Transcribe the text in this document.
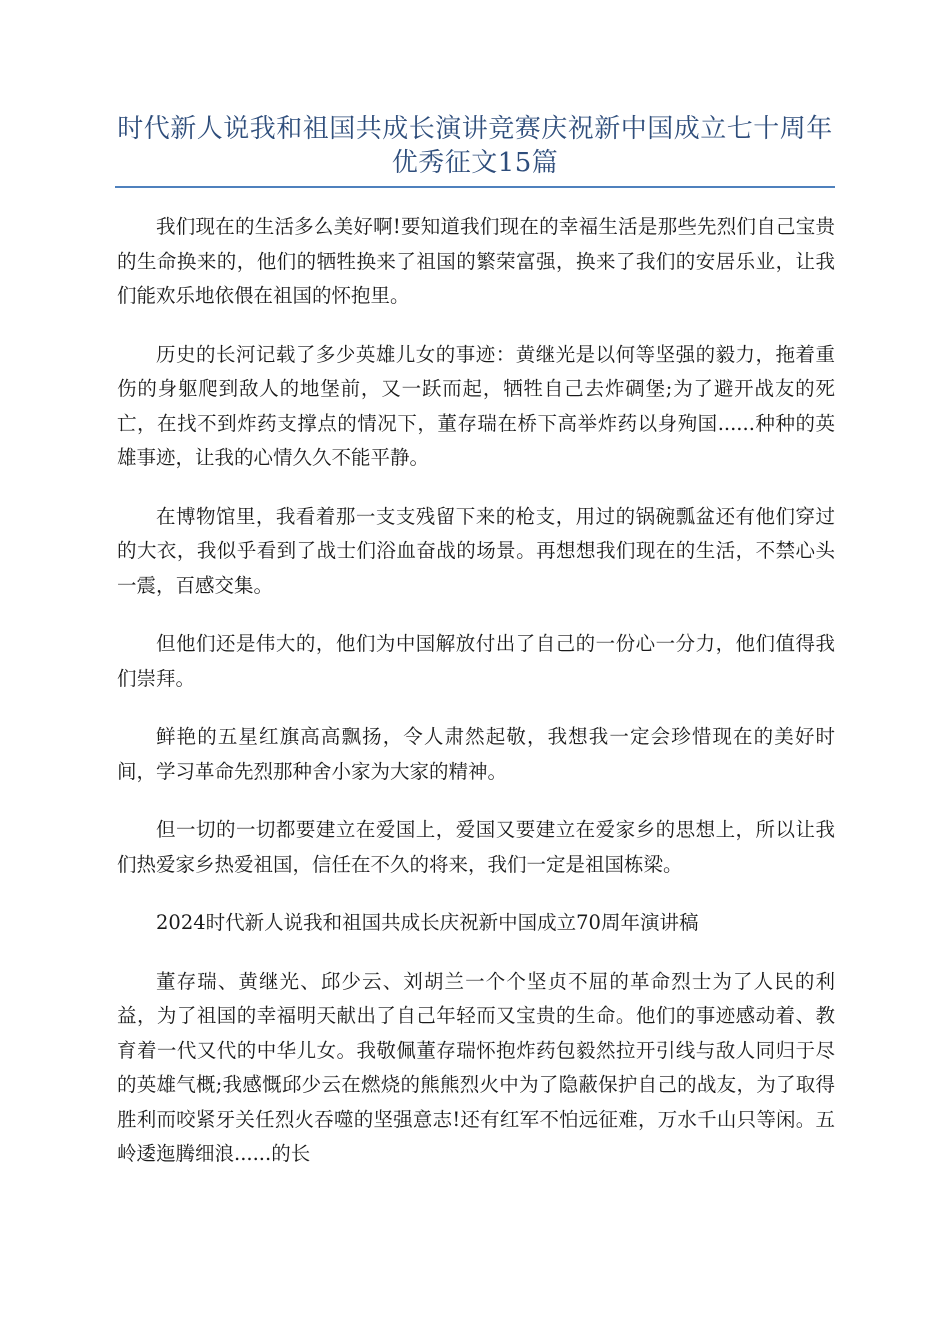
时代新人说我和祖国共成长演讲竞赛庆祝新中国成立七十周年优秀征文15篇

我们现在的生活多么美好啊!要知道我们现在的幸福生活是那些先烈们自己宝贵的生命换来的，他们的牺牲换来了祖国的繁荣富强，换来了我们的安居乐业，让我们能欢乐地依偎在祖国的怀抱里。

历史的长河记载了多少英雄儿女的事迹：黄继光是以何等坚强的毅力，拖着重伤的身躯爬到敌人的地堡前，又一跃而起，牺牲自己去炸碉堡;为了避开战友的死亡，在找不到炸药支撑点的情况下，董存瑞在桥下高举炸药以身殉国......种种的英雄事迹，让我的心情久久不能平静。

在博物馆里，我看着那一支支残留下来的枪支，用过的锅碗瓢盆还有他们穿过的大衣，我似乎看到了战士们浴血奋战的场景。再想想我们现在的生活，不禁心头一震，百感交集。

但他们还是伟大的，他们为中国解放付出了自己的一份心一分力，他们值得我们崇拜。

鲜艳的五星红旗高高飘扬，令人肃然起敬，我想我一定会珍惜现在的美好时间，学习革命先烈那种舍小家为大家的精神。

但一切的一切都要建立在爱国上，爱国又要建立在爱家乡的思想上，所以让我们热爱家乡热爱祖国，信任在不久的将来，我们一定是祖国栋梁。

2024时代新人说我和祖国共成长庆祝新中国成立70周年演讲稿

董存瑞、黄继光、邱少云、刘胡兰一个个坚贞不屈的革命烈士为了人民的利益，为了祖国的幸福明天献出了自己年轻而又宝贵的生命。他们的事迹感动着、教育着一代又代的中华儿女。我敬佩董存瑞怀抱炸药包毅然拉开引线与敌人同归于尽的英雄气概;我感慨邱少云在燃烧的熊熊烈火中为了隐蔽保护自己的战友，为了取得胜利而咬紧牙关任烈火吞噬的坚强意志!还有红军不怕远征难，万水千山只等闲。五岭逶迤腾细浪......的长
